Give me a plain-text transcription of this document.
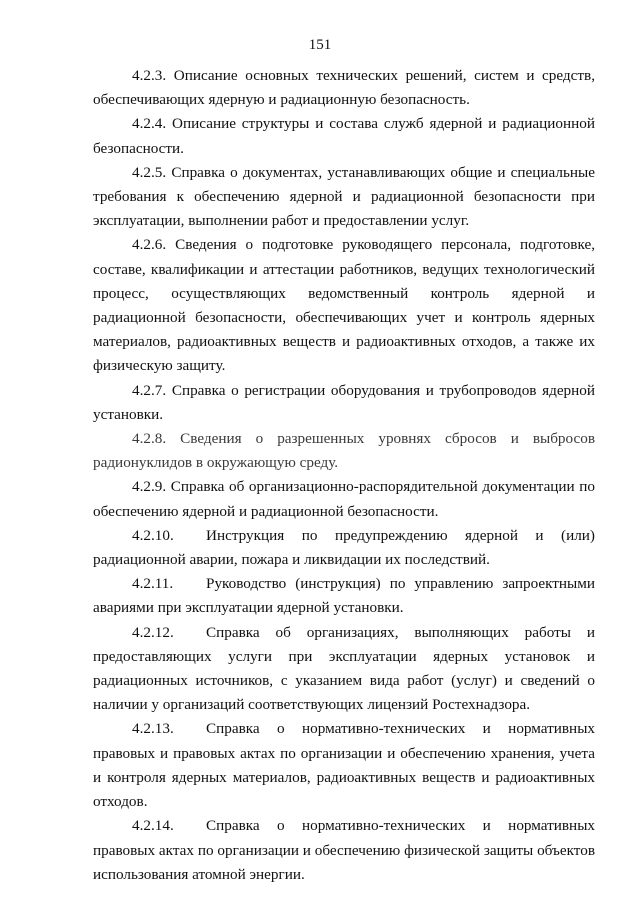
151

4.2.3. Описание основных технических решений, систем и средств, обеспечивающих ядерную и радиационную безопасность.

4.2.4. Описание структуры и состава служб ядерной и радиационной безопасности.

4.2.5. Справка о документах, устанавливающих общие и специальные требования к обеспечению ядерной и радиационной безопасности при эксплуатации, выполнении работ и предоставлении услуг.

4.2.6. Сведения о подготовке руководящего персонала, подготовке, составе, квалификации и аттестации работников, ведущих технологический процесс, осуществляющих ведомственный контроль ядерной и радиационной безопасности, обеспечивающих учет и контроль ядерных материалов, радиоактивных веществ и радиоактивных отходов, а также их физическую защиту.

4.2.7. Справка о регистрации оборудования и трубопроводов ядерной установки.

4.2.8. Сведения о разрешенных уровнях сбросов и выбросов радионуклидов в окружающую среду.

4.2.9. Справка об организационно-распорядительной документации по обеспечению ядерной и радиационной безопасности.

4.2.10. Инструкция по предупреждению ядерной и (или) радиационной аварии, пожара и ликвидации их последствий.

4.2.11. Руководство (инструкция) по управлению запроектными авариями при эксплуатации ядерной установки.

4.2.12. Справка об организациях, выполняющих работы и предоставляющих услуги при эксплуатации ядерных установок и радиационных источников, с указанием вида работ (услуг) и сведений о наличии у организаций соответствующих лицензий Ростехнадзора.

4.2.13. Справка о нормативно-технических и нормативных правовых и правовых актах по организации и обеспечению хранения, учета и контроля ядерных материалов, радиоактивных веществ и радиоактивных отходов.

4.2.14. Справка о нормативно-технических и нормативных правовых актах по организации и обеспечению физической защиты объектов использования атомной энергии.
